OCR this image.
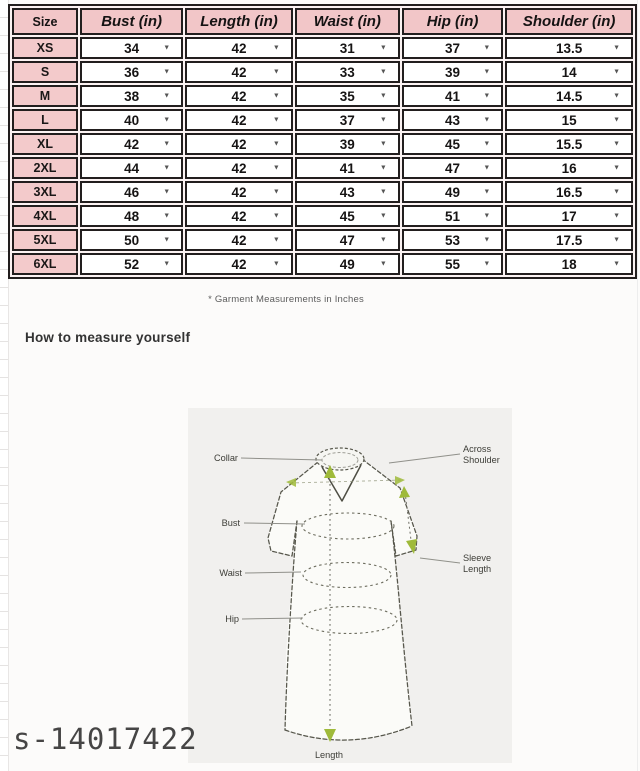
Size	Bust (in)	Length (in)	Waist (in)	Hip (in)	Shoulder (in)
XS	34 ▼	42 ▼	31 ▼	37 ▼	13.5 ▼

S	36 ▼	42 ▼	33 ▼	39 ▼	14 ▼

M	38 ▼	42 ▼	35 ▼	41 ▼	14.5 ▼

L	40 ▼	42 ▼	37 ▼	43 ▼	15 ▼

XL	42 ▼	42 ▼	39 ▼	45 ▼	15.5 ▼

2XL	44 ▼	42 ▼	41 ▼	47 ▼	16 ▼

3XL	46 ▼	42 ▼	43 ▼	49 ▼	16.5 ▼

4XL	48 ▼	42 ▼	45 ▼	51 ▼	17 ▼

5XL	50 ▼	42 ▼	47 ▼	53 ▼	17.5 ▼

6XL	52 ▼	42 ▼	49 ▼	55 ▼	18 ▼
* Garment Measurements in Inches
How to measure yourself
Collar
Bust
Waist
Hip
Across
Shoulder
Sleeve
Length
Length
s-14017422
